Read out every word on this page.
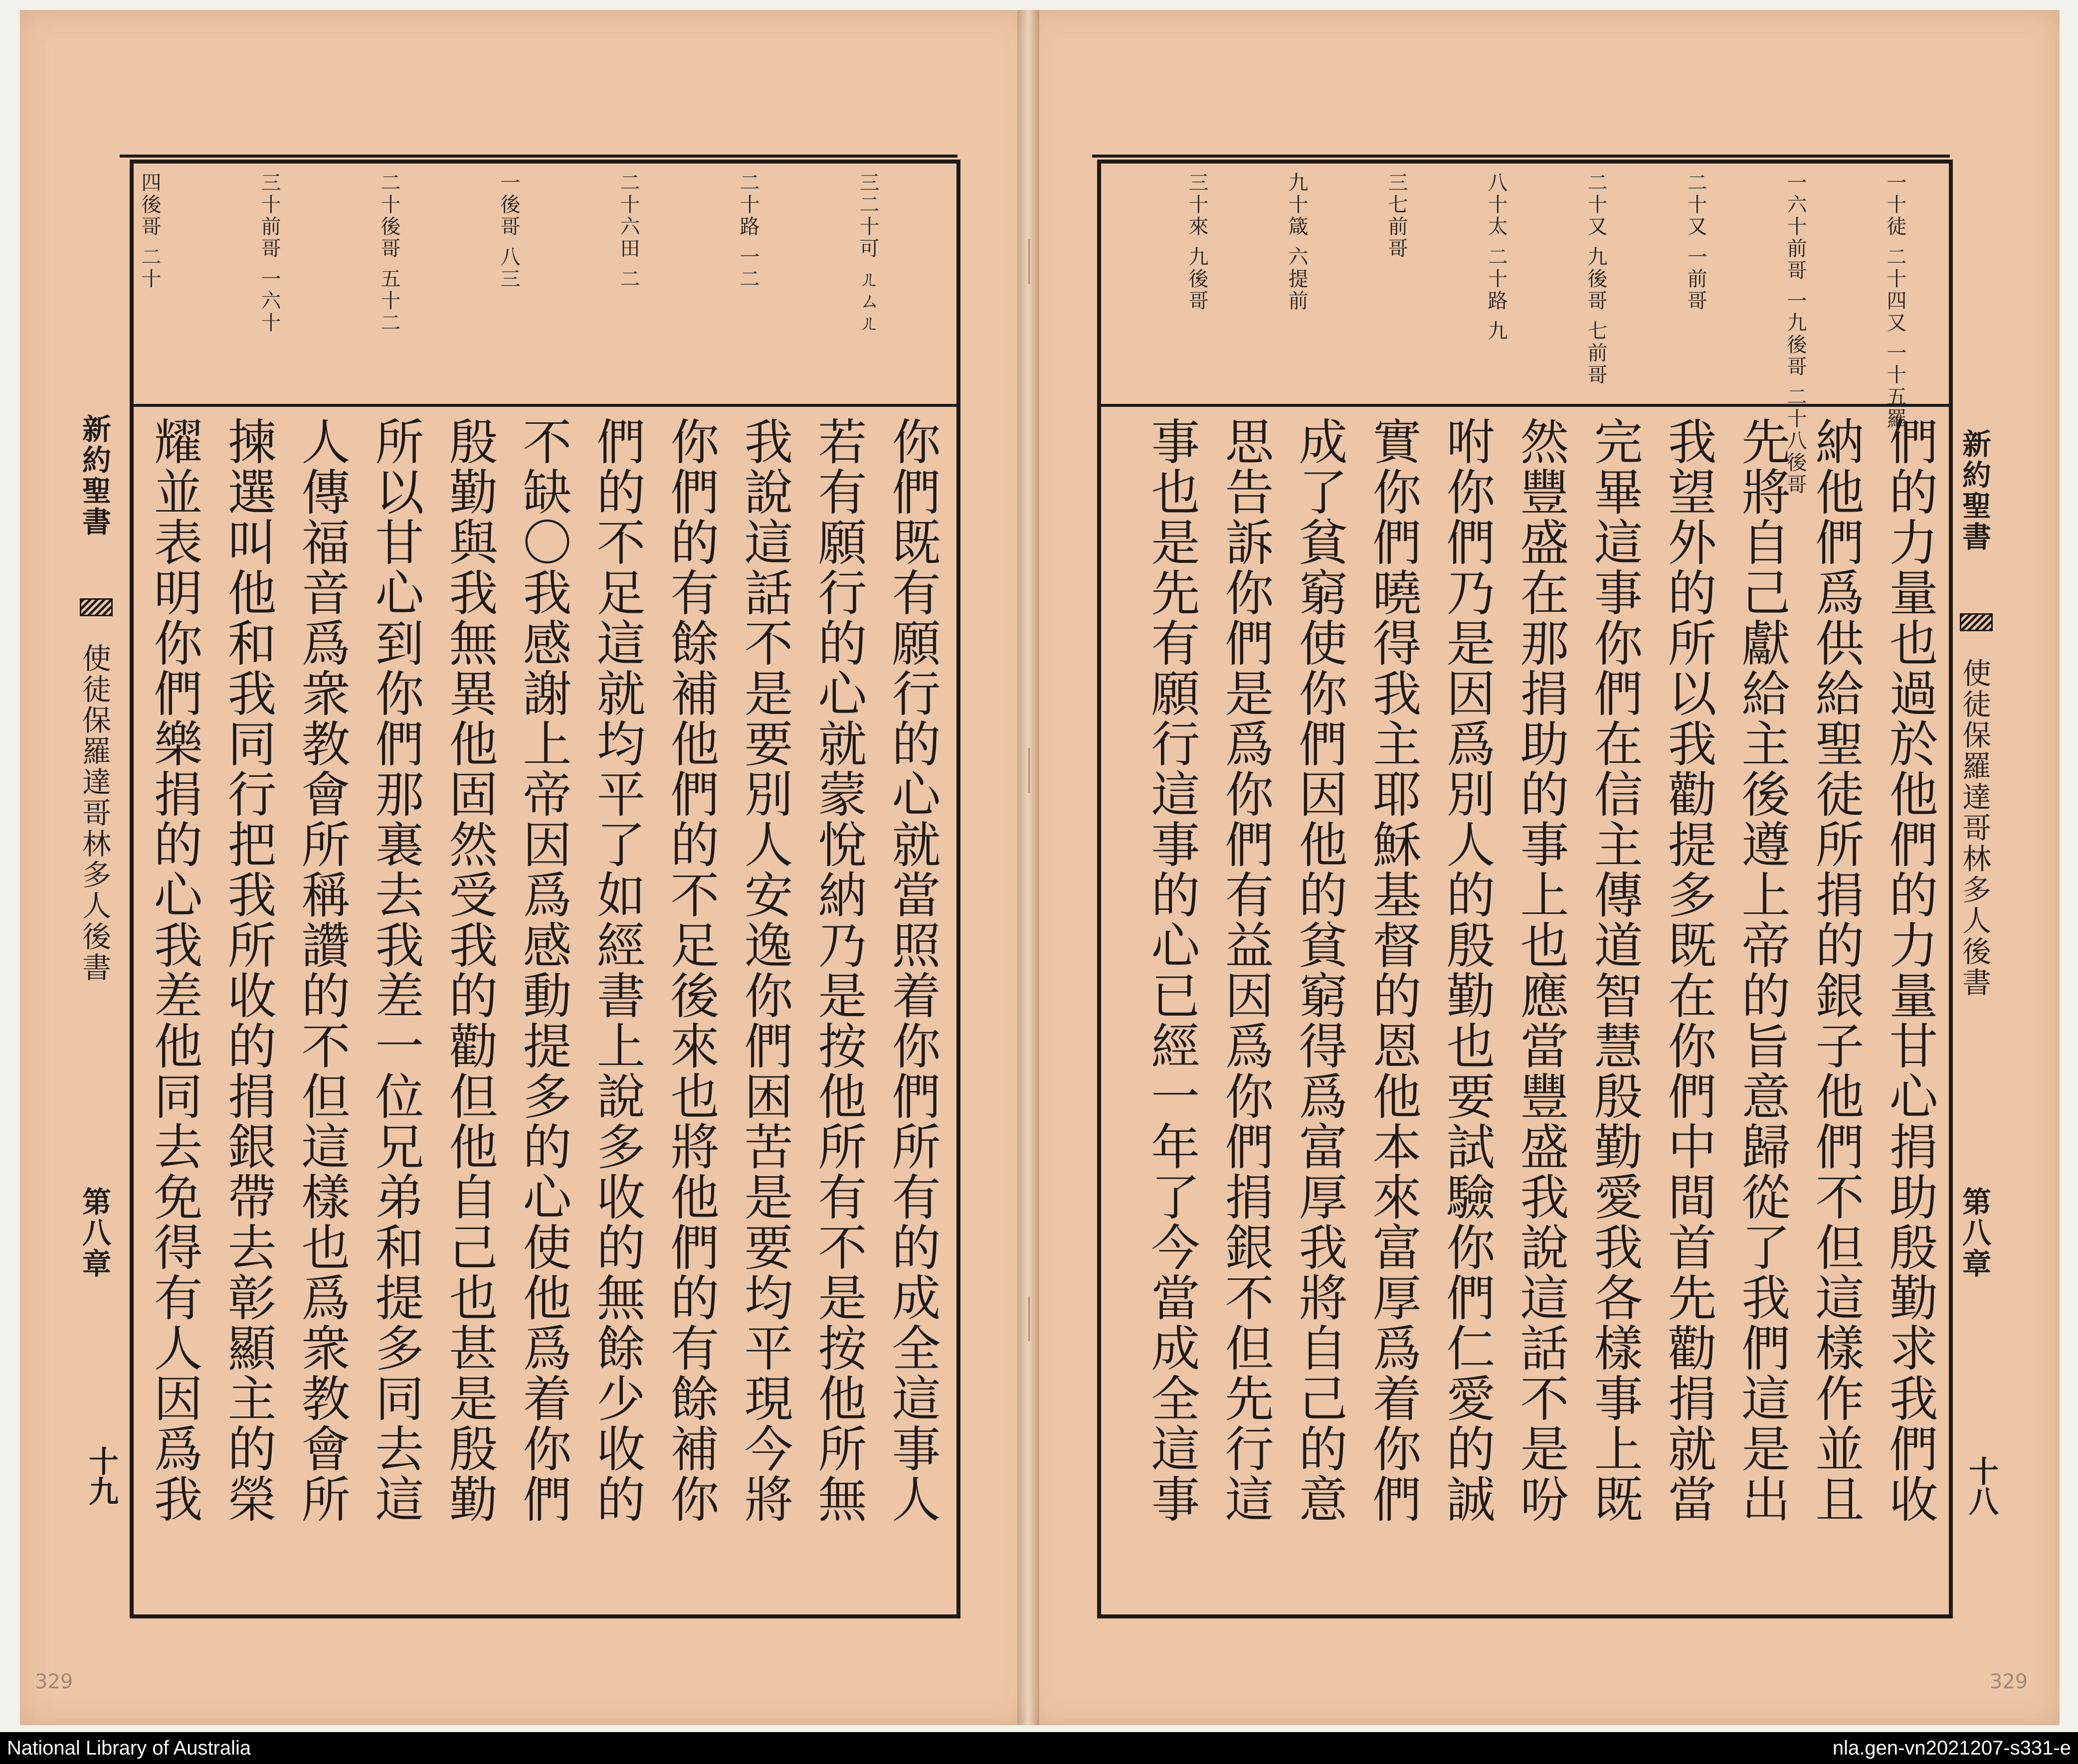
三二十可 ㄦㄙㄦ
二十路 一二
二十六田 二
一後哥 八三
二十後哥 五十二
三十前哥 一六十
四後哥 二十
你們既有願行的心就當照着你們所有的成全這事人
若有願行的心就蒙悅納乃是按他所有不是按他所無
我說這話不是要別人安逸你們困苦是要均平現今將
你們的有餘補他們的不足後來也將他們的有餘補你
們的不足這就均平了如經書上說多收的無餘少收的
不缺〇我感謝上帝因爲感動提多的心使他爲着你們
殷勤與我無異他固然受我的勸但他自己也甚是殷勤
所以甘心到你們那裏去我差一位兄弟和提多同去這
人傳福音爲衆教會所稱讚的不但這樣也爲衆教會所
揀選叫他和我同行把我所收的捐銀帶去彰顯主的榮
耀並表明你們樂捐的心我差他同去免得有人因爲我
新約聖書
使徒保羅達哥林多人後書
第八章
十九
329
一十徒 二十四又 一十五羅
一六十前哥 一九後哥 二十八後哥
二十又 一前哥
二十又 九後哥 七前哥
八十太 二十路 九
三七前哥
九十箴 六提前
三十來 九後哥
們的力量也過於他們的力量甘心捐助殷勤求我們收
納他們爲供給聖徒所捐的銀子他們不但這樣作並且
先將自己獻給主後遵上帝的旨意歸從了我們這是出
我望外的所以我勸提多既在你們中間首先勸捐就當
完畢這事你們在信主傳道智慧殷勤愛我各樣事上既
然豐盛在那捐助的事上也應當豐盛我說這話不是吩
咐你們乃是因爲別人的殷勤也要試驗你們仁愛的誠
實你們曉得我主耶穌基督的恩他本來富厚爲着你們
成了貧窮使你們因他的貧窮得爲富厚我將自己的意
思告訴你們是爲你們有益因爲你們捐銀不但先行這
事也是先有願行這事的心已經一年了今當成全這事	新約聖書
使徒保羅達哥林多人後書
第八章
十八
329
National Library of Australia	nla.gen-vn2021207-s331-e
